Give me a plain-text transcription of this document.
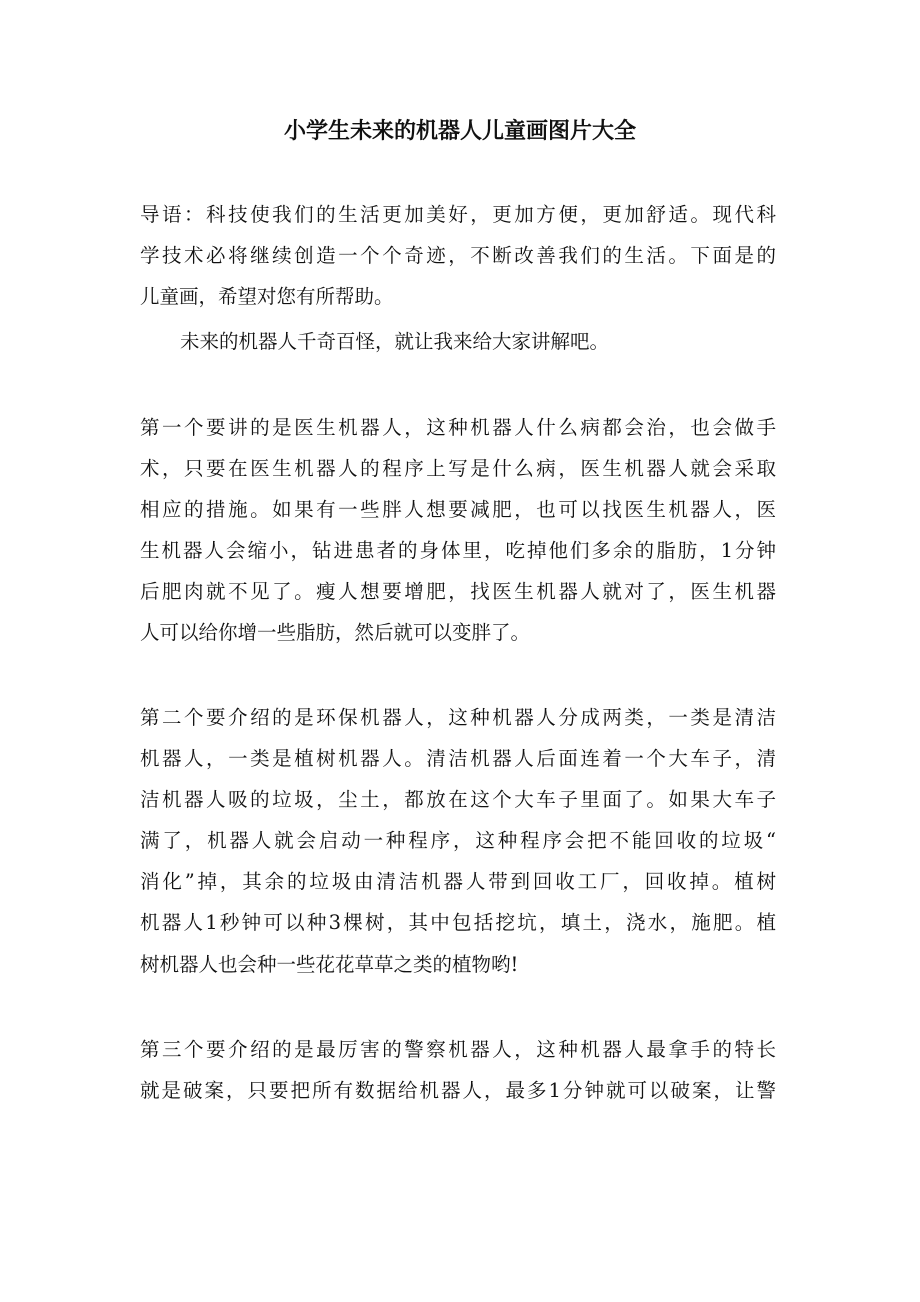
小学生未来的机器人儿童画图片大全
导语：科技使我们的生活更加美好，更加方便，更加舒适。现代科
学技术必将继续创造一个个奇迹，不断改善我们的生活。下面是的
儿童画，希望对您有所帮助。
未来的机器人千奇百怪，就让我来给大家讲解吧。
第一个要讲的是医生机器人，这种机器人什么病都会治，也会做手
术，只要在医生机器人的程序上写是什么病，医生机器人就会采取
相应的措施。如果有一些胖人想要减肥，也可以找医生机器人，医
生机器人会缩小，钻进患者的身体里，吃掉他们多余的脂肪，1分钟
后肥肉就不见了。瘦人想要增肥，找医生机器人就对了，医生机器
人可以给你增一些脂肪，然后就可以变胖了。
第二个要介绍的是环保机器人，这种机器人分成两类，一类是清洁
机器人，一类是植树机器人。清洁机器人后面连着一个大车子，清
洁机器人吸的垃圾，尘土，都放在这个大车子里面了。如果大车子
满了，机器人就会启动一种程序，这种程序会把不能回收的垃圾“
消化”掉，其余的垃圾由清洁机器人带到回收工厂，回收掉。植树
机器人1秒钟可以种3棵树，其中包括挖坑，填土，浇水，施肥。植
树机器人也会种一些花花草草之类的植物哟!
第三个要介绍的是最厉害的警察机器人，这种机器人最拿手的特长
就是破案，只要把所有数据给机器人，最多1分钟就可以破案，让警
